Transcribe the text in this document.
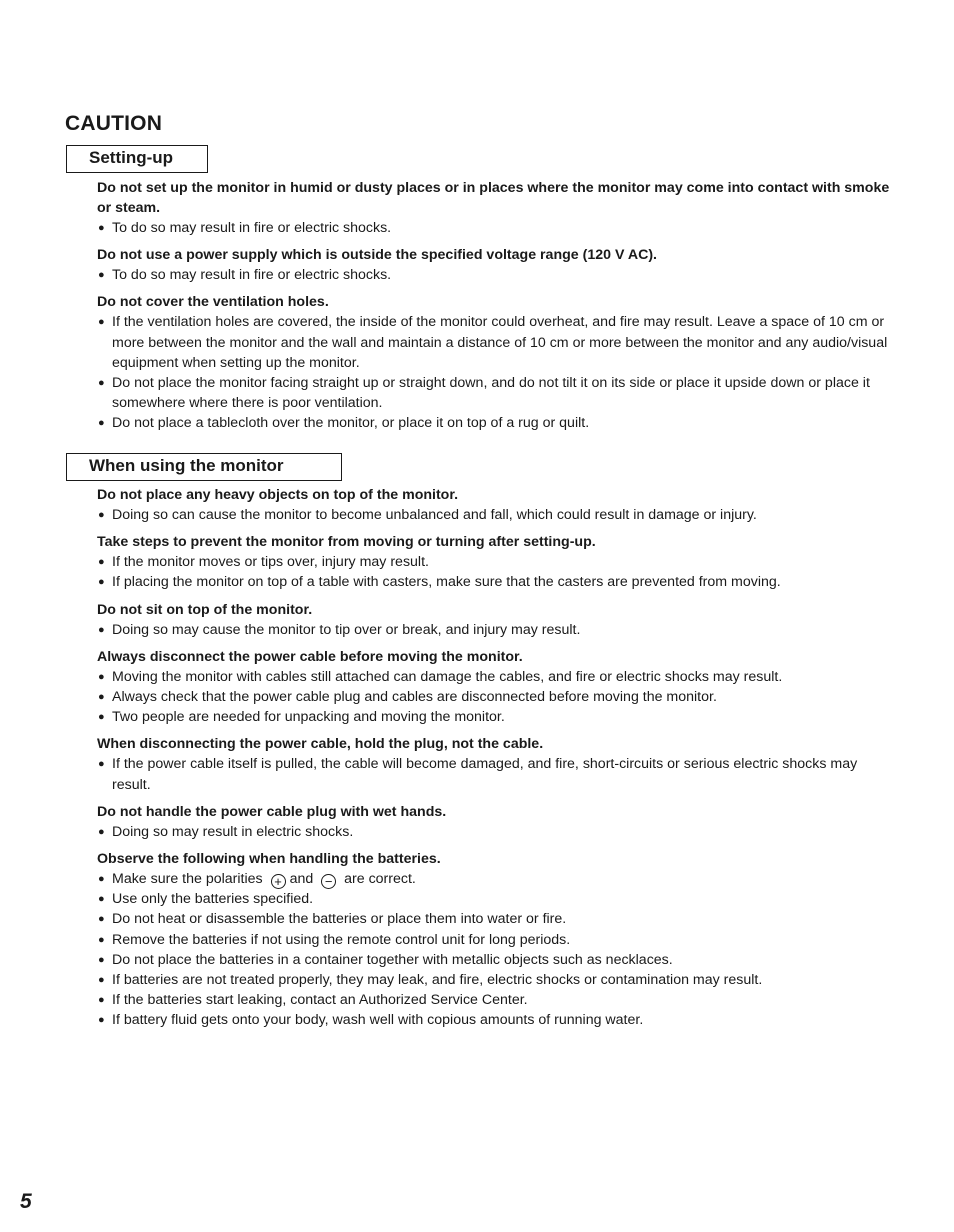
CAUTION
Setting-up
Do not set up the monitor in humid or dusty places or in places where the monitor may come into contact with smoke or steam.
● To do so may result in fire or electric shocks.
Do not use a power supply which is outside the specified voltage range (120 V AC).
● To do so may result in fire or electric shocks.
Do not cover the ventilation holes.
● If the ventilation holes are covered, the inside of the monitor could overheat, and fire may result. Leave a space of 10 cm or more between the monitor and the wall and maintain a distance of 10 cm or more between the monitor and any audio/visual equipment when setting up the monitor.
● Do not place the monitor facing straight up or straight down, and do not tilt it on its side or place it upside down or place it somewhere where there is poor ventilation.
● Do not place a tablecloth over the monitor, or place it on top of a rug or quilt.
When using the monitor
Do not place any heavy objects on top of the monitor.
● Doing so can cause the monitor to become unbalanced and fall, which could result in damage or injury.
Take steps to prevent the monitor from moving or turning after setting-up.
● If the monitor moves or tips over, injury may result.
● If placing the monitor on top of a table with casters, make sure that the casters are prevented from moving.
Do not sit on top of the monitor.
● Doing so may cause the monitor to tip over or break, and injury may result.
Always disconnect the power cable before moving the monitor.
● Moving the monitor with cables still attached can damage the cables, and fire or electric shocks may result.
● Always check that the power cable plug and cables are disconnected before moving the monitor.
● Two people are needed for unpacking and moving the monitor.
When disconnecting the power cable, hold the plug, not the cable.
● If the power cable itself is pulled, the cable will become damaged, and fire, short-circuits or serious electric shocks may result.
Do not handle the power cable plug with wet hands.
● Doing so may result in electric shocks.
Observe the following when handling the batteries.
● Make sure the polarities + and − are correct.
● Use only the batteries specified.
● Do not heat or disassemble the batteries or place them into water or fire.
● Remove the batteries if not using the remote control unit for long periods.
● Do not place the batteries in a container together with metallic objects such as necklaces.
● If batteries are not treated properly, they may leak, and fire, electric shocks or contamination may result.
● If the batteries start leaking, contact an Authorized Service Center.
● If battery fluid gets onto your body, wash well with copious amounts of running water.
5
